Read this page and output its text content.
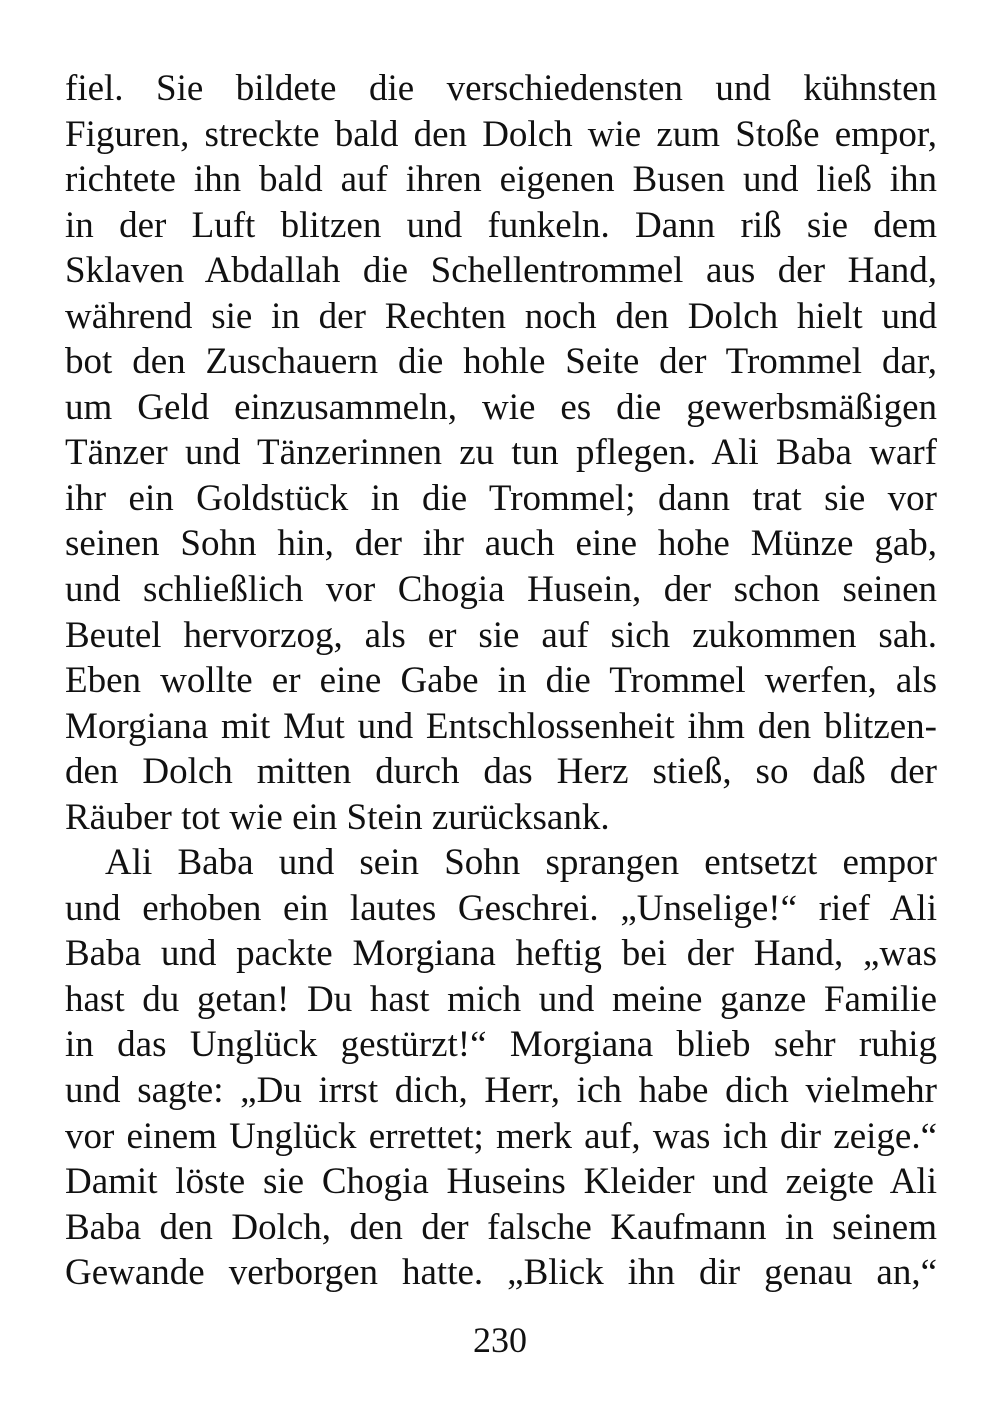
fiel. Sie bildete die verschiedensten und kühnsten
Figuren, streckte bald den Dolch wie zum Stoße empor,
richtete ihn bald auf ihren eigenen Busen und ließ ihn
in der Luft blitzen und funkeln. Dann riß sie dem
Sklaven Abdallah die Schellentrommel aus der Hand,
während sie in der Rechten noch den Dolch hielt und
bot den Zuschauern die hohle Seite der Trommel dar,
um Geld einzusammeln, wie es die gewerbsmäßigen
Tänzer und Tänzerinnen zu tun pflegen. Ali Baba warf
ihr ein Goldstück in die Trommel; dann trat sie vor
seinen Sohn hin, der ihr auch eine hohe Münze gab,
und schließlich vor Chogia Husein, der schon seinen
Beutel hervorzog, als er sie auf sich zukommen sah.
Eben wollte er eine Gabe in die Trommel werfen, als
Morgiana mit Mut und Entschlossenheit ihm den blitzen-
den Dolch mitten durch das Herz stieß, so daß der
Räuber tot wie ein Stein zurücksank.
Ali Baba und sein Sohn sprangen entsetzt empor
und erhoben ein lautes Geschrei. „Unselige!“ rief Ali
Baba und packte Morgiana heftig bei der Hand, „was
hast du getan! Du hast mich und meine ganze Familie
in das Unglück gestürzt!“ Morgiana blieb sehr ruhig
und sagte: „Du irrst dich, Herr, ich habe dich vielmehr
vor einem Unglück errettet; merk auf, was ich dir zeige.“
Damit löste sie Chogia Huseins Kleider und zeigte Ali
Baba den Dolch, den der falsche Kaufmann in seinem
Gewande verborgen hatte. „Blick ihn dir genau an,“
230
